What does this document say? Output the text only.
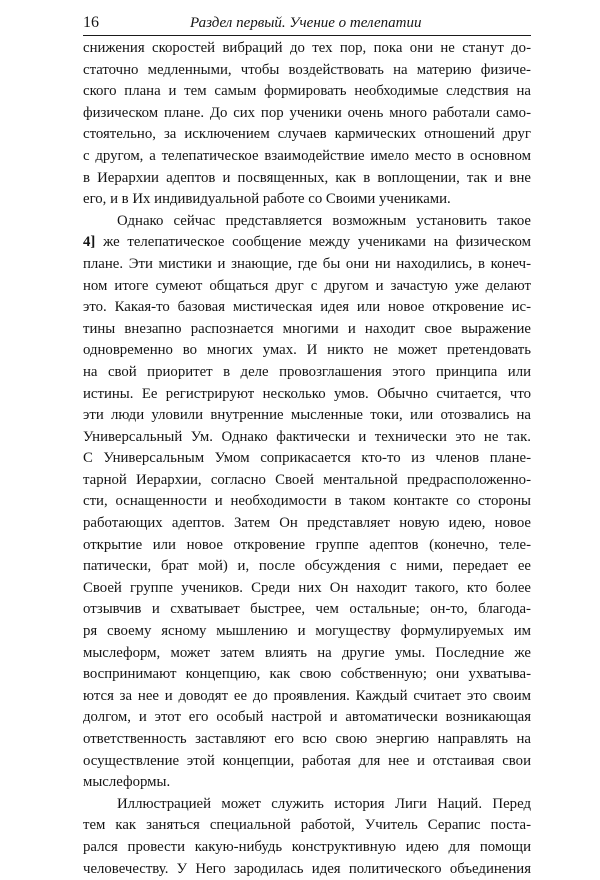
16	Раздел первый. Учение о телепатии
снижения скоростей вибраций до тех пор, пока они не станут до-
статочно медленными, чтобы воздействовать на материю физиче-
ского плана и тем самым формировать необходимые следствия на
физическом плане. До сих пор ученики очень много работали само-
стоятельно, за исключением случаев кармических отношений друг
с другом, а телепатическое взаимодействие имело место в основном
в Иерархии адептов и посвященных, как в воплощении, так и вне
его, и в Их индивидуальной работе со Своими учениками.
Однако сейчас представляется возможным установить такое
4] же телепатическое сообщение между учениками на физическом
плане. Эти мистики и знающие, где бы они ни находились, в конеч-
ном итоге сумеют общаться друг с другом и зачастую уже делают
это. Какая-то базовая мистическая идея или новое откровение ис-
тины внезапно распознается многими и находит свое выражение
одновременно во многих умах. И никто не может претендовать
на свой приоритет в деле провозглашения этого принципа или
истины. Ее регистрируют несколько умов. Обычно считается, что
эти люди уловили внутренние мысленные токи, или отозвались на
Универсальный Ум. Однако фактически и технически это не так.
С Универсальным Умом соприкасается кто-то из членов плане-
тарной Иерархии, согласно Своей ментальной предрасположенно-
сти, оснащенности и необходимости в таком контакте со стороны
работающих адептов. Затем Он представляет новую идею, новое
открытие или новое откровение группе адептов (конечно, теле-
патически, брат мой) и, после обсуждения с ними, передает ее
Своей группе учеников. Среди них Он находит такого, кто более
отзывчив и схватывает быстрее, чем остальные; он-то, благода-
ря своему ясному мышлению и могуществу формулируемых им
мыслеформ, может затем влиять на другие умы. Последние же
воспринимают концепцию, как свою собственную; они ухватыва-
ются за нее и доводят ее до проявления. Каждый считает это своим
долгом, и этот его особый настрой и автоматически возникающая
ответственность заставляют его всю свою энергию направлять на
осуществление этой концепции, работая для нее и отстаивая свои
мыслеформы.
Иллюстрацией может служить история Лиги Наций. Перед
тем как заняться специальной работой, Учитель Серапис поста-
рался провести какую-нибудь конструктивную идею для помощи
человечеству. У Него зародилась идея политического объединения
